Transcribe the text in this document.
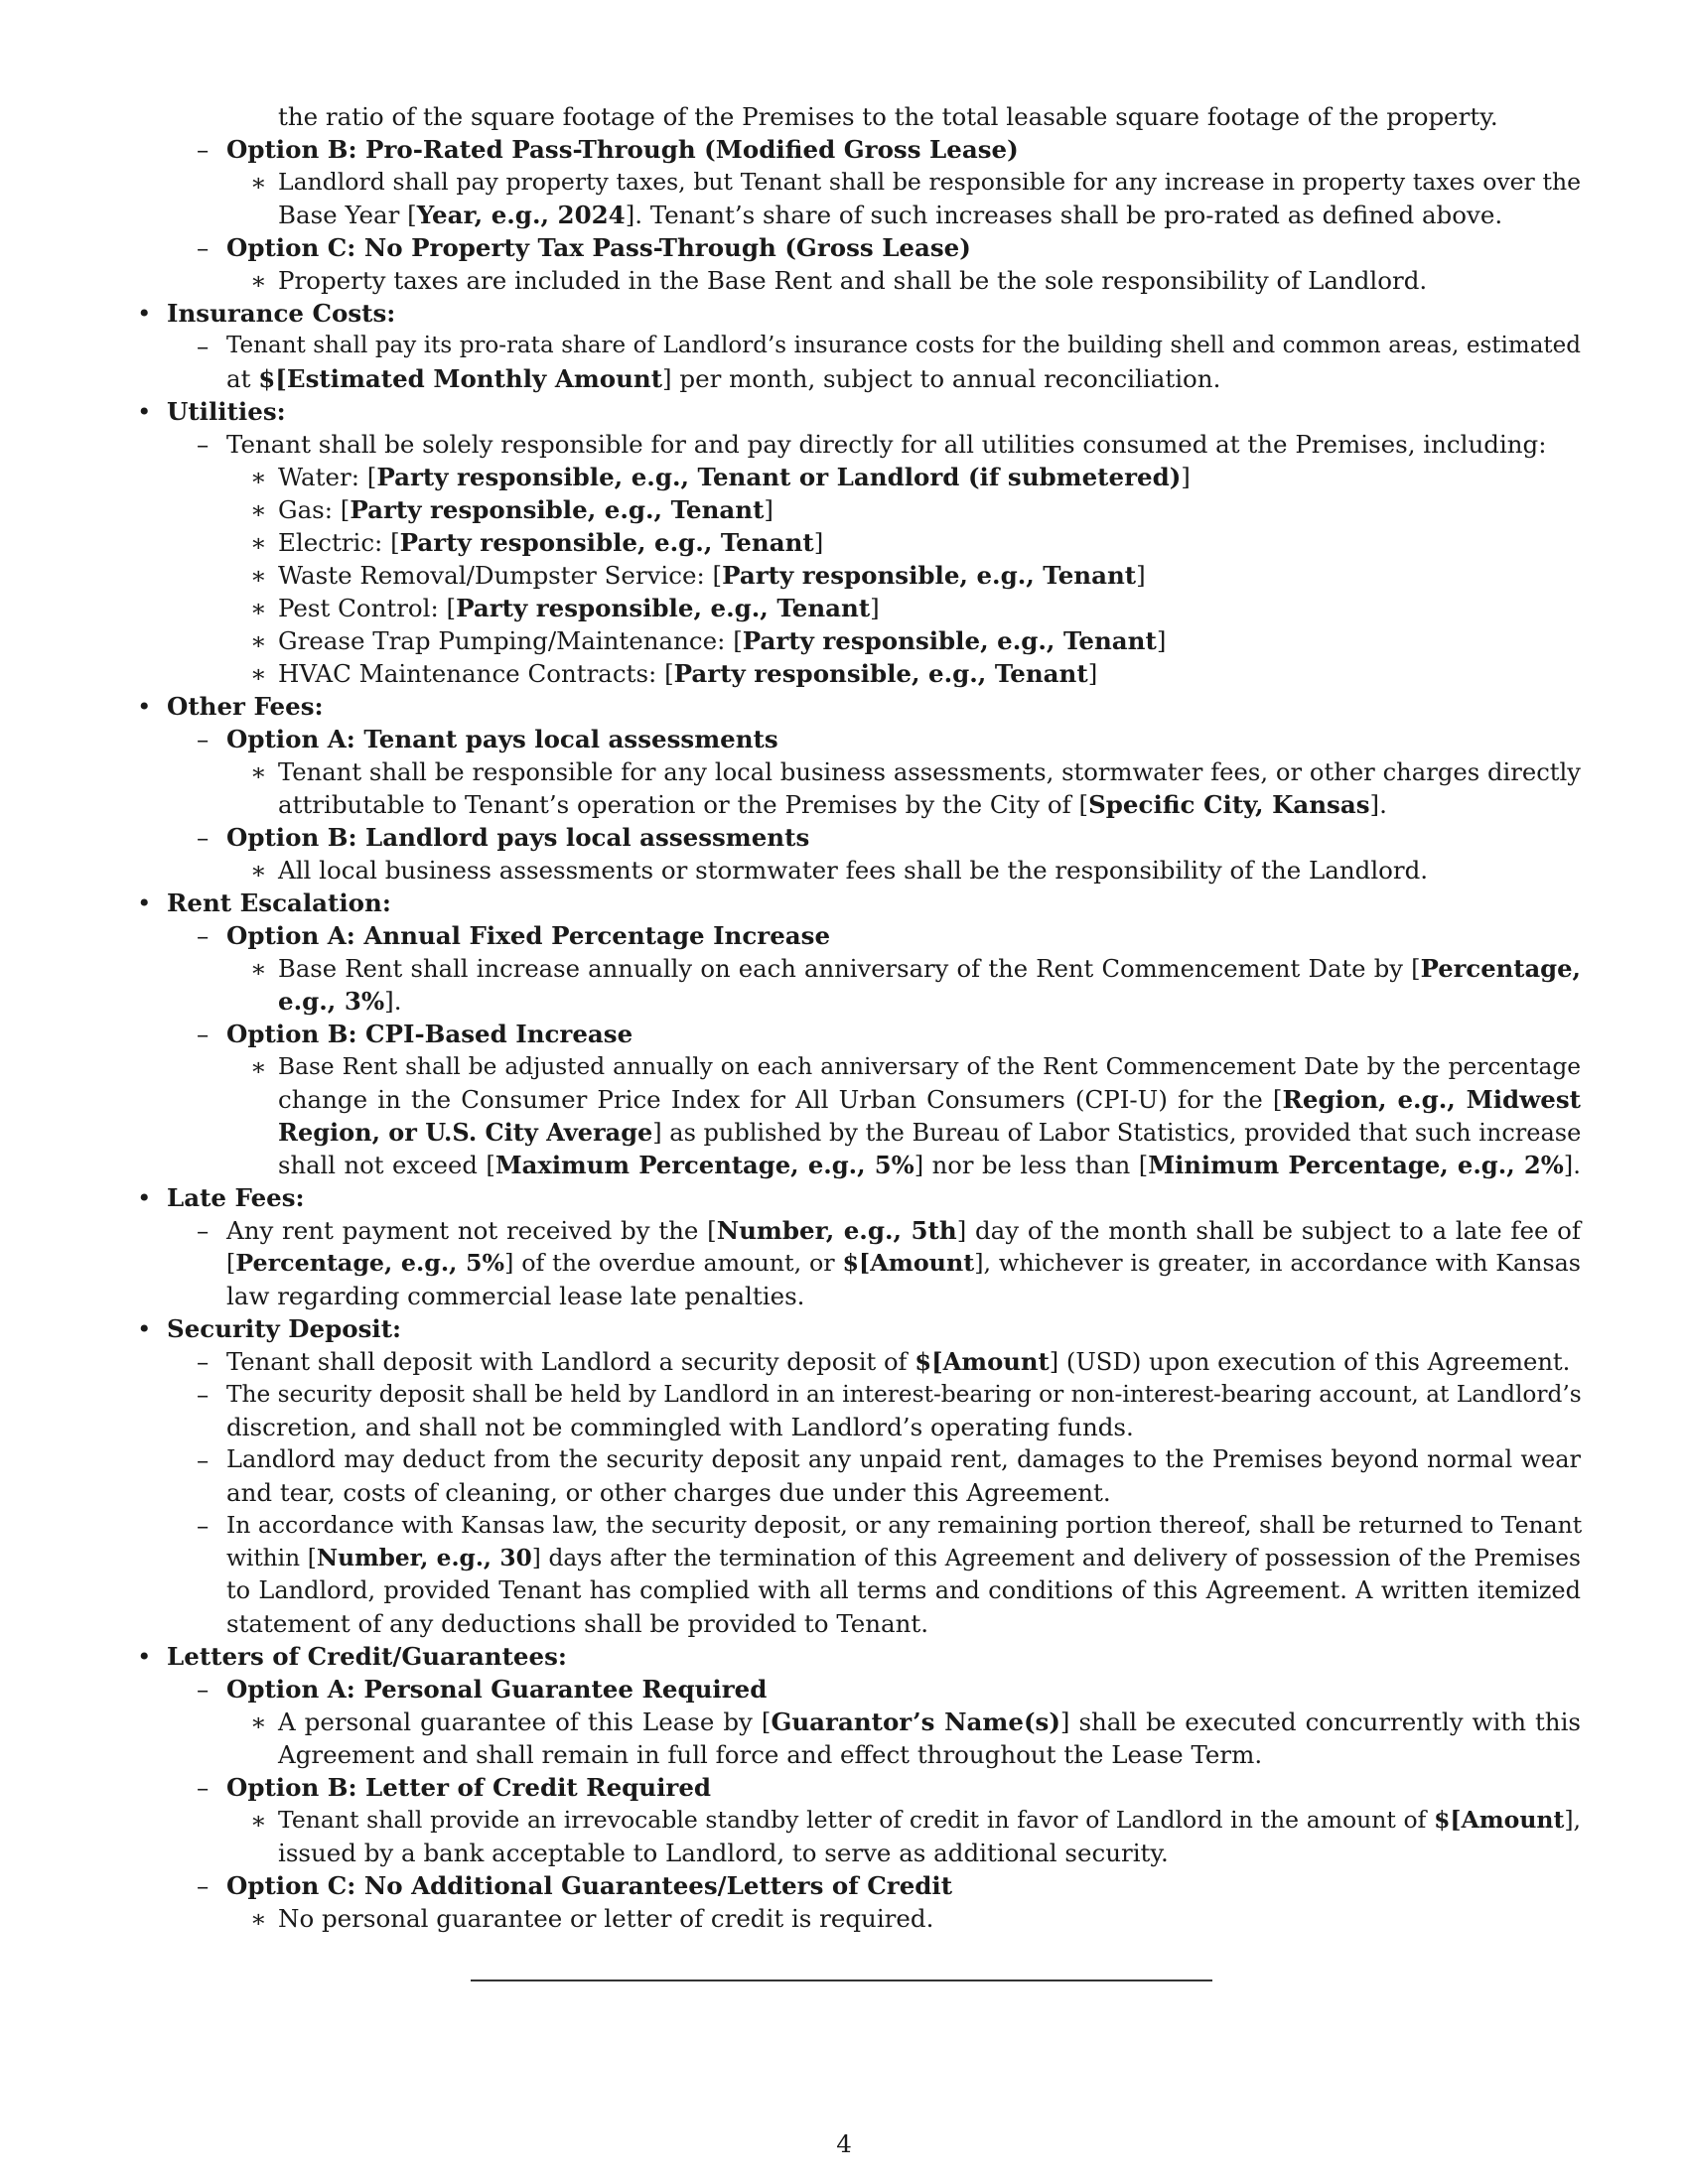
the ratio of the square footage of the Premises to the total leasable square footage of the property.
– Option B: Pro-Rated Pass-Through (Modified Gross Lease)
∗ Landlord shall pay property taxes, but Tenant shall be responsible for any increase in property taxes over the
Base Year [Year, e.g., 2024]. Tenant’s share of such increases shall be pro-rated as defined above.
– Option C: No Property Tax Pass-Through (Gross Lease)
∗ Property taxes are included in the Base Rent and shall be the sole responsibility of Landlord.
• Insurance Costs:
– Tenant shall pay its pro-rata share of Landlord’s insurance costs for the building shell and common areas, estimated
at $[Estimated Monthly Amount] per month, subject to annual reconciliation.
• Utilities:
– Tenant shall be solely responsible for and pay directly for all utilities consumed at the Premises, including:
∗ Water: [Party responsible, e.g., Tenant or Landlord (if submetered)]
∗ Gas: [Party responsible, e.g., Tenant]
∗ Electric: [Party responsible, e.g., Tenant]
∗ Waste Removal/Dumpster Service: [Party responsible, e.g., Tenant]
∗ Pest Control: [Party responsible, e.g., Tenant]
∗ Grease Trap Pumping/Maintenance: [Party responsible, e.g., Tenant]
∗ HVAC Maintenance Contracts: [Party responsible, e.g., Tenant]
• Other Fees:
– Option A: Tenant pays local assessments
∗ Tenant shall be responsible for any local business assessments, stormwater fees, or other charges directly
attributable to Tenant’s operation or the Premises by the City of [Specific City, Kansas].
– Option B: Landlord pays local assessments
∗ All local business assessments or stormwater fees shall be the responsibility of the Landlord.
• Rent Escalation:
– Option A: Annual Fixed Percentage Increase
∗ Base Rent shall increase annually on each anniversary of the Rent Commencement Date by [Percentage,
e.g., 3%].
– Option B: CPI-Based Increase
∗ Base Rent shall be adjusted annually on each anniversary of the Rent Commencement Date by the percentage
change in the Consumer Price Index for All Urban Consumers (CPI-U) for the [Region, e.g., Midwest
Region, or U.S. City Average] as published by the Bureau of Labor Statistics, provided that such increase
shall not exceed [Maximum Percentage, e.g., 5%] nor be less than [Minimum Percentage, e.g., 2%].
• Late Fees:
– Any rent payment not received by the [Number, e.g., 5th] day of the month shall be subject to a late fee of
[Percentage, e.g., 5%] of the overdue amount, or $[Amount], whichever is greater, in accordance with Kansas
law regarding commercial lease late penalties.
• Security Deposit:
– Tenant shall deposit with Landlord a security deposit of $[Amount] (USD) upon execution of this Agreement.
– The security deposit shall be held by Landlord in an interest-bearing or non-interest-bearing account, at Landlord’s
discretion, and shall not be commingled with Landlord’s operating funds.
– Landlord may deduct from the security deposit any unpaid rent, damages to the Premises beyond normal wear
and tear, costs of cleaning, or other charges due under this Agreement.
– In accordance with Kansas law, the security deposit, or any remaining portion thereof, shall be returned to Tenant
within [Number, e.g., 30] days after the termination of this Agreement and delivery of possession of the Premises
to Landlord, provided Tenant has complied with all terms and conditions of this Agreement. A written itemized
statement of any deductions shall be provided to Tenant.
• Letters of Credit/Guarantees:
– Option A: Personal Guarantee Required
∗ A personal guarantee of this Lease by [Guarantor’s Name(s)] shall be executed concurrently with this
Agreement and shall remain in full force and effect throughout the Lease Term.
– Option B: Letter of Credit Required
∗ Tenant shall provide an irrevocable standby letter of credit in favor of Landlord in the amount of $[Amount],
issued by a bank acceptable to Landlord, to serve as additional security.
– Option C: No Additional Guarantees/Letters of Credit
∗ No personal guarantee or letter of credit is required.
4
